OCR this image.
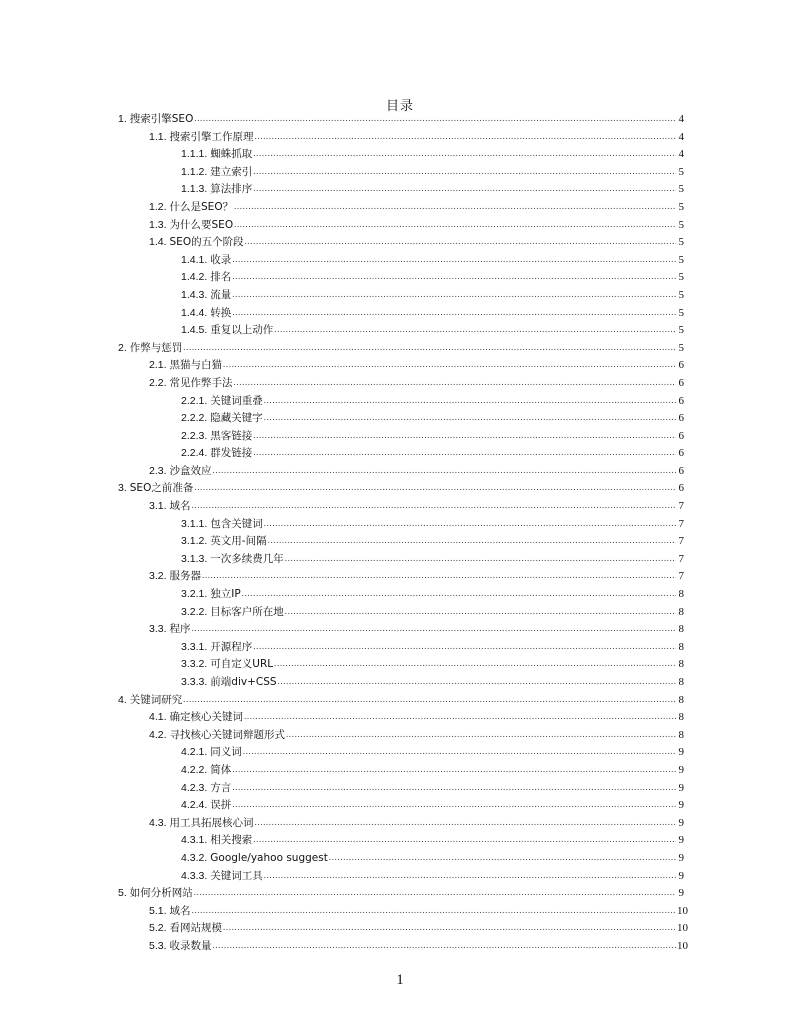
目录
1. 搜索引擎SEO .....	4
1.1. 搜索引擎工作原理 .....	4
1.1.1. 蜘蛛抓取 .....	4
1.1.2. 建立索引 .....	5
1.1.3. 算法排序 .....	5
1.2. 什么是SEO？ .....	5
1.3. 为什么要SEO .....	5
1.4. SEO的五个阶段 .....	5
1.4.1. 收录 .....	5
1.4.2. 排名 .....	5
1.4.3. 流量 .....	5
1.4.4. 转换 .....	5
1.4.5. 重复以上动作 .....	5
2. 作弊与惩罚 .....	5
2.1. 黑猫与白猫 .....	6
2.2. 常见作弊手法 .....	6
2.2.1. 关键词重叠 .....	6
2.2.2. 隐藏关键字 .....	6
2.2.3. 黑客链接 .....	6
2.2.4. 群发链接 .....	6
2.3. 沙盒效应 .....	6
3. SEO之前准备 .....	6
3.1. 域名 .....	7
3.1.1. 包含关键词 .....	7
3.1.2. 英文用-间隔 .....	7
3.1.3. 一次多续费几年 .....	7
3.2. 服务器 .....	7
3.2.1. 独立IP .....	8
3.2.2. 目标客户所在地 .....	8
3.3. 程序 .....	8
3.3.1. 开源程序 .....	8
3.3.2. 可自定义URL .....	8
3.3.3. 前端div+CSS .....	8
4. 关键词研究 .....	8
4.1. 确定核心关键词 .....	8
4.2. 寻找核心关键词辩题形式 .....	8
4.2.1. 同义词 .....	9
4.2.2. 简体 .....	9
4.2.3. 方言 .....	9
4.2.4. 误拼 .....	9
4.3. 用工具拓展核心词 .....	9
4.3.1. 相关搜索 .....	9
4.3.2. Google/yahoo suggest .....	9
4.3.3. 关键词工具 .....	9
5. 如何分析网站 .....	9
5.1. 域名 .....	10
5.2. 看网站规模 .....	10
5.3. 收录数量 .....	10
1
